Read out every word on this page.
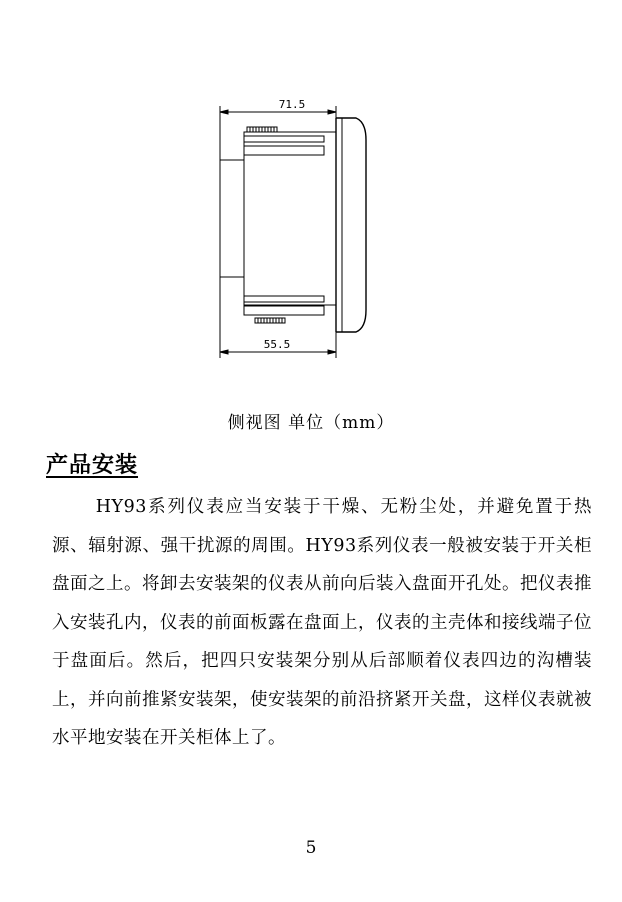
71.5
55.5
侧视图 单位（mm）
产品安装

HY93系列仪表应当安装于干燥、无粉尘处，并避免置于热源、辐射源、强干扰源的周围。HY93系列仪表一般被安装于开关柜盘面之上。将卸去安装架的仪表从前向后装入盘面开孔处。把仪表推入安装孔内，仪表的前面板露在盘面上，仪表的主壳体和接线端子位于盘面后。然后，把四只安装架分别从后部顺着仪表四边的沟槽装上，并向前推紧安装架，使安装架的前沿挤紧开关盘，这样仪表就被水平地安装在开关柜体上了。

5
